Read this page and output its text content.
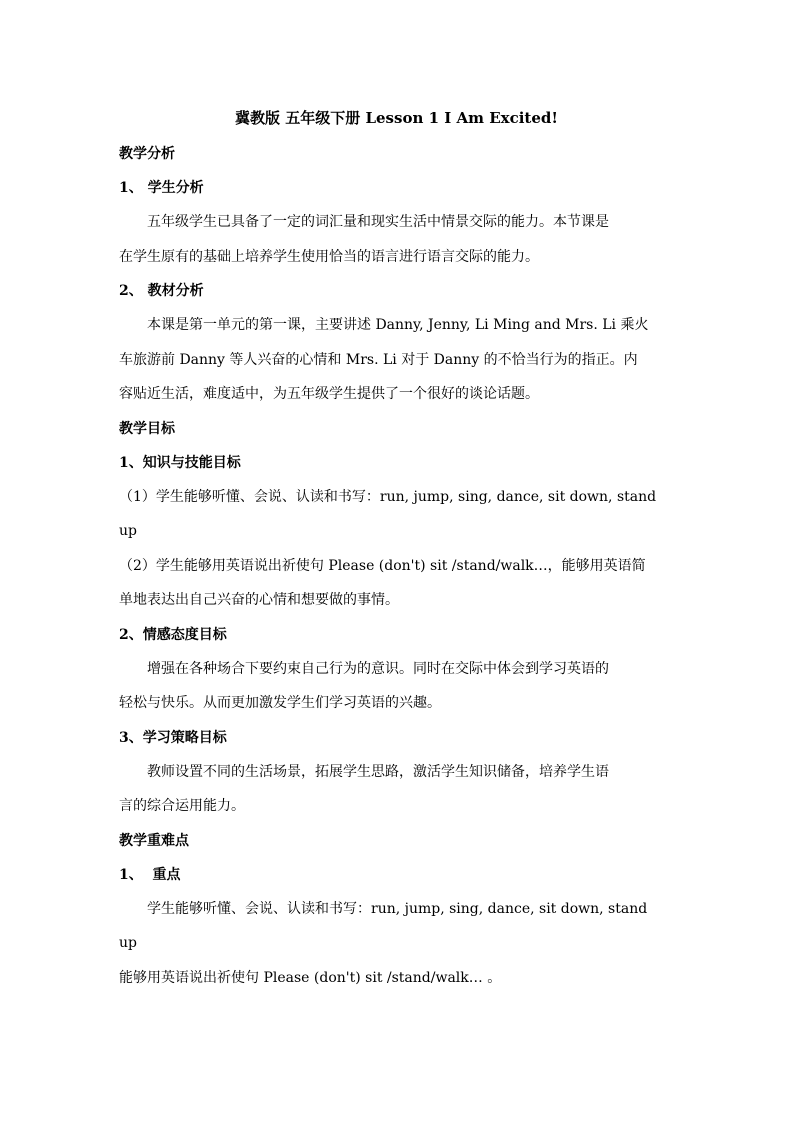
冀教版 五年级下册 Lesson 1 I Am Excited!
教学分析
1、 学生分析
五年级学生已具备了一定的词汇量和现实生活中情景交际的能力。本节课是
在学生原有的基础上培养学生使用恰当的语言进行语言交际的能力。
2、 教材分析
本课是第一单元的第一课，主要讲述 Danny, Jenny, Li Ming and Mrs. Li 乘火
车旅游前 Danny 等人兴奋的心情和 Mrs. Li 对于 Danny 的不恰当行为的指正。内
容贴近生活，难度适中，为五年级学生提供了一个很好的谈论话题。
教学目标
1、知识与技能目标
（1）学生能够听懂、会说、认读和书写：run, jump, sing, dance, sit down, stand
up
（2）学生能够用英语说出祈使句 Please (don't) sit /stand/walk…，能够用英语简
单地表达出自己兴奋的心情和想要做的事情。
2、情感态度目标
增强在各种场合下要约束自己行为的意识。同时在交际中体会到学习英语的
轻松与快乐。从而更加激发学生们学习英语的兴趣。
3、学习策略目标
教师设置不同的生活场景，拓展学生思路，激活学生知识储备，培养学生语
言的综合运用能力。
教学重难点
1、  重点
学生能够听懂、会说、认读和书写：run, jump, sing, dance, sit down, stand
up
能够用英语说出祈使句 Please (don't) sit /stand/walk… 。
